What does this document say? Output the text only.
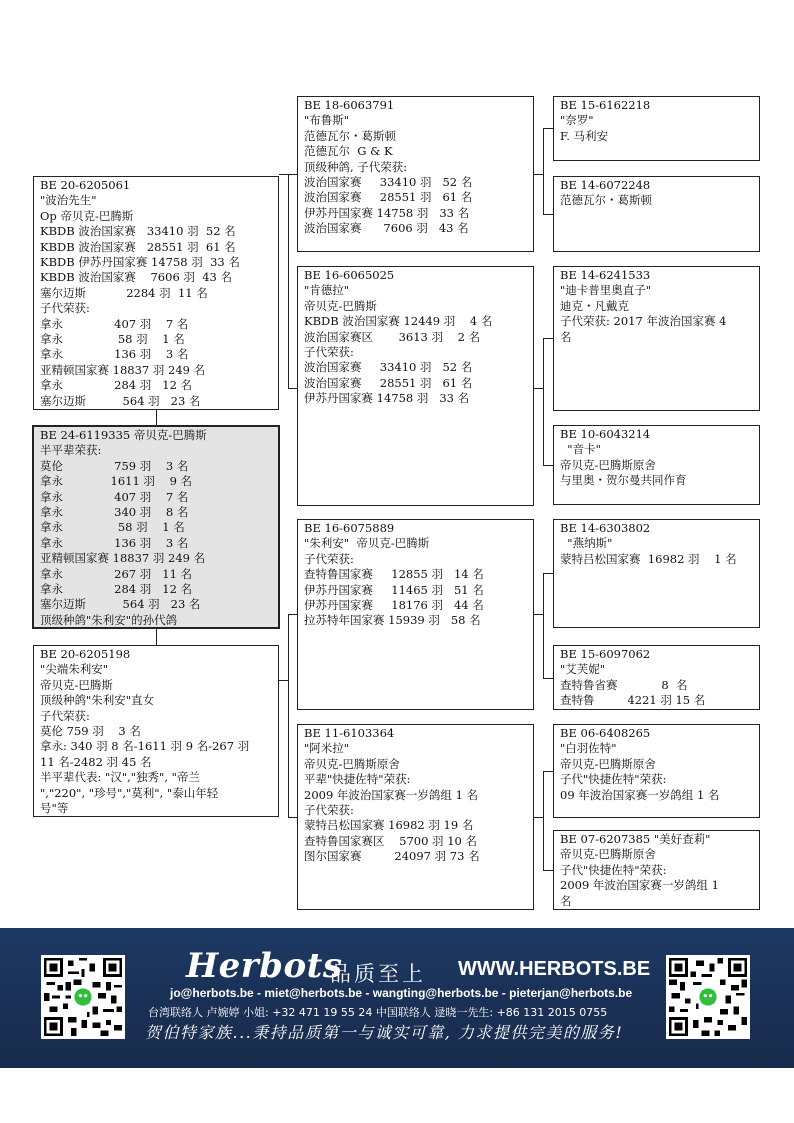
BE 24-6119335 帝贝克-巴腾斯
半平辈荣获:
莫伦              759 羽    3 名
拿永             1611 羽    9 名
拿永              407 羽    7 名
拿永              340 羽    8 名
拿永               58 羽    1 名
拿永              136 羽    3 名
亚精顿国家赛 18837 羽 249 名
拿永              267 羽   11 名
拿永              284 羽   12 名
塞尔迈斯          564 羽   23 名
顶级种鸽"朱利安"的孙代鸽
BE 20-6205061
"波治先生"
Op 帝贝克-巴腾斯
KBDB 波治国家赛   33410 羽  52 名
KBDB 波治国家赛   28551 羽  61 名
KBDB 伊苏丹国家赛 14758 羽  33 名
KBDB 波治国家赛    7606 羽  43 名
塞尔迈斯           2284 羽  11 名
子代荣获:
拿永              407 羽    7 名
拿永               58 羽    1 名
拿永              136 羽    3 名
亚精顿国家赛 18837 羽 249 名
拿永              284 羽   12 名
塞尔迈斯          564 羽   23 名
BE 20-6205198
"尖端朱利安"
帝贝克-巴腾斯
顶级种鸽"朱利安"直女
子代荣获:
莫伦 759 羽    3 名
拿永: 340 羽 8 名-1611 羽 9 名-267 羽
11 名-2482 羽 45 名
半平辈代表: "汉","独秀", "帝兰
","220", "珍号","莫利", "泰山年轻
号"等
BE 18-6063791
"布鲁斯"
范德瓦尔・葛斯顿
范德瓦尔  G & K
顶级种鸽, 子代荣获:
波治国家赛     33410 羽   52 名
波治国家赛     28551 羽   61 名
伊苏丹国家赛 14758 羽   33 名
波治国家赛      7606 羽   43 名
BE 16-6065025
"肯德拉"
帝贝克-巴腾斯
KBDB 波治国家赛 12449 羽    4 名
波治国家赛区       3613 羽    2 名
子代荣获:
波治国家赛     33410 羽   52 名
波治国家赛     28551 羽   61 名
伊苏丹国家赛 14758 羽   33 名
BE 16-6075889
"朱利安"  帝贝克-巴腾斯
子代荣获:
查特鲁国家赛     12855 羽   14 名
伊苏丹国家赛     11465 羽   51 名
伊苏丹国家赛     18176 羽   44 名
拉苏特年国家赛 15939 羽   58 名
BE 11-6103364
"阿米拉"
帝贝克-巴腾斯原舍
平辈"快捷佐特"荣获:
2009 年波治国家赛一岁鸽组 1 名
子代荣获:
蒙特吕松国家赛 16982 羽 19 名
查特鲁国家赛区    5700 羽 10 名
图尔国家赛         24097 羽 73 名
BE 15-6162218
"奈罗"
F. 马利安
BE 14-6072248
范德瓦尔・葛斯顿
BE 14-6241533
"迪卡普里奥直子"
迪克・凡戴克
子代荣获: 2017 年波治国家赛 4
名
BE 10-6043214
"音卡"
帝贝克-巴腾斯原舍
与里奥・贺尔曼共同作育
BE 14-6303802
"燕纳斯"
蒙特吕松国家赛  16982 羽    1 名
BE 15-6097062
"艾芙妮"
查特鲁省赛            8  名
查特鲁         4221 羽 15 名
BE 06-6408265
"白羽佐特"
帝贝克-巴腾斯原舍
子代"快捷佐特"荣获:
09 年波治国家赛一岁鸽组 1 名
BE 07-6207385 "美好查莉"
帝贝克-巴腾斯原舍
子代"快捷佐特"荣获:
2009 年波治国家赛一岁鸽组 1
名
Herbots
品质至上 WWW.HERBOTS.BE
jo@herbots.be - miet@herbots.be - wangting@herbots.be - pieterjan@herbots.be
台湾联络人 卢婉婷 小姐: +32 471 19 55 24 中国联络人 逯晓一先生: +86 131 2015 0755
贺伯特家族...秉持品质第一与诚实可靠, 力求提供完美的服务!
